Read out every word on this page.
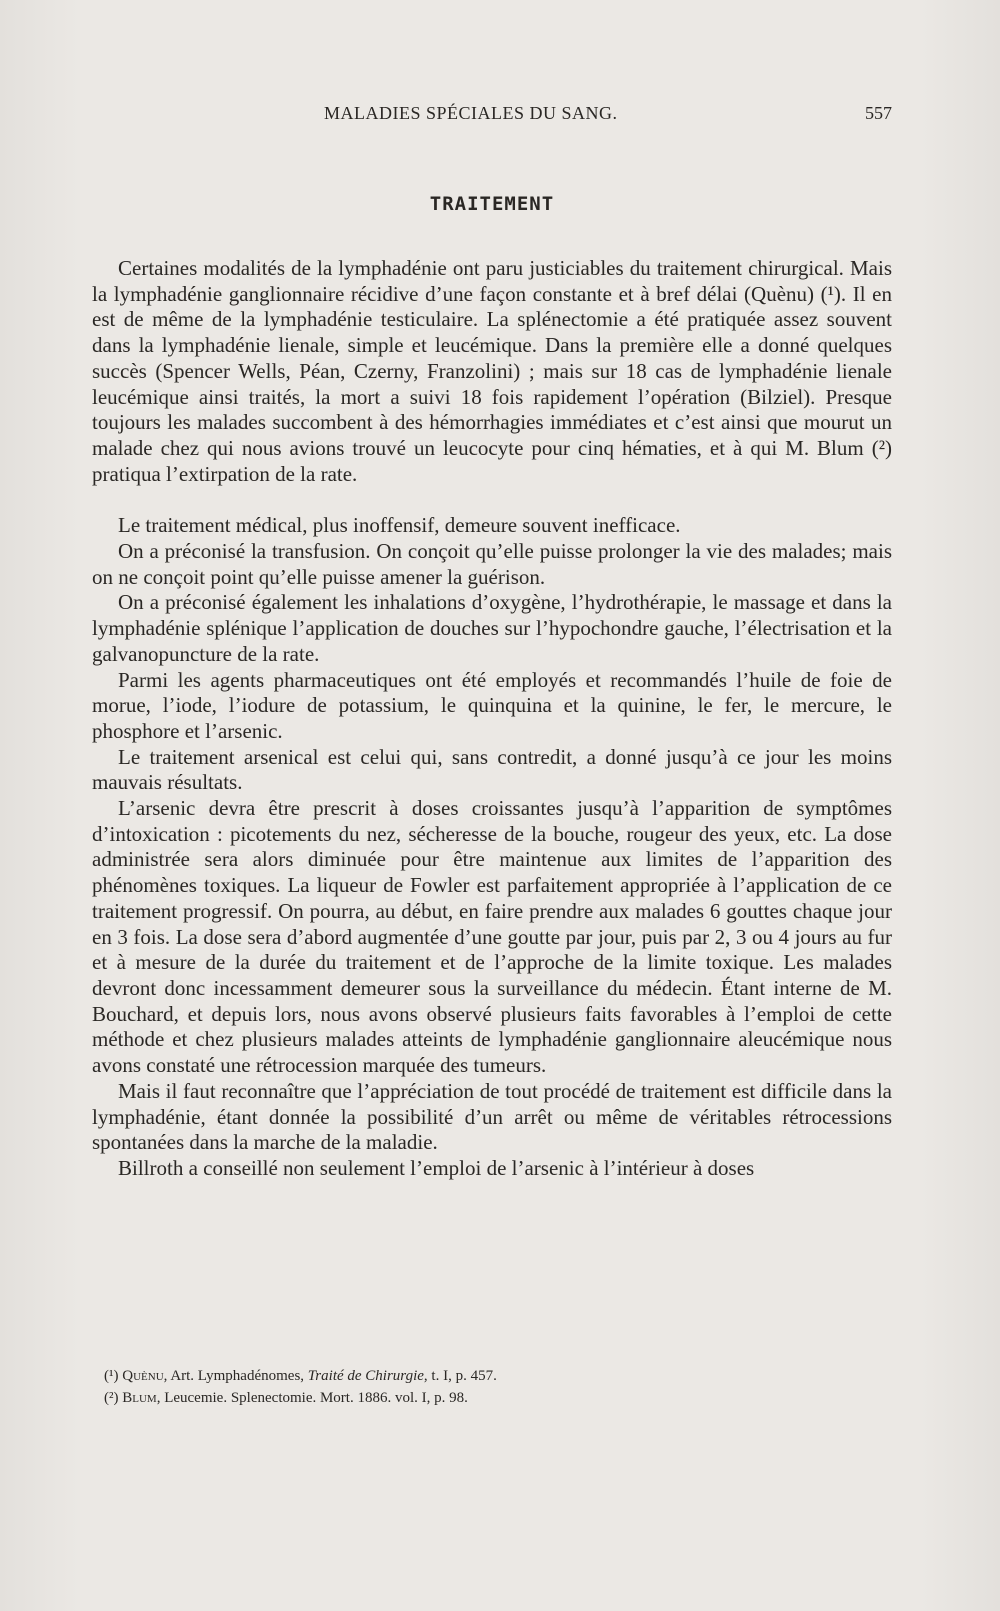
MALADIES SPÉCIALES DU SANG.	557
TRAITEMENT

Certaines modalités de la lymphadénie ont paru justiciables du traitement chirurgical. Mais la lymphadénie ganglionnaire récidive d’une façon constante et à bref délai (Quènu) (¹). Il en est de même de la lymphadénie testiculaire. La splénectomie a été pratiquée assez souvent dans la lymphadénie lienale, simple et leucémique. Dans la première elle a donné quelques succès (Spencer Wells, Péan, Czerny, Franzolini) ; mais sur 18 cas de lymphadénie lienale leucémique ainsi traités, la mort a suivi 18 fois rapidement l’opération (Bilziel). Presque toujours les malades succombent à des hémorrhagies immédiates et c’est ainsi que mourut un malade chez qui nous avions trouvé un leucocyte pour cinq hématies, et à qui M. Blum (²) pratiqua l’extirpation de la rate.

Le traitement médical, plus inoffensif, demeure souvent inefficace.

On a préconisé la transfusion. On conçoit qu’elle puisse prolonger la vie des malades; mais on ne conçoit point qu’elle puisse amener la guérison.

On a préconisé également les inhalations d’oxygène, l’hydrothérapie, le massage et dans la lymphadénie splénique l’application de douches sur l’hypochondre gauche, l’électrisation et la galvanopuncture de la rate.

Parmi les agents pharmaceutiques ont été employés et recommandés l’huile de foie de morue, l’iode, l’iodure de potassium, le quinquina et la quinine, le fer, le mercure, le phosphore et l’arsenic.

Le traitement arsenical est celui qui, sans contredit, a donné jusqu’à ce jour les moins mauvais résultats.

L’arsenic devra être prescrit à doses croissantes jusqu’à l’apparition de symptômes d’intoxication : picotements du nez, sécheresse de la bouche, rougeur des yeux, etc. La dose administrée sera alors diminuée pour être maintenue aux limites de l’apparition des phénomènes toxiques. La liqueur de Fowler est parfaitement appropriée à l’application de ce traitement progressif. On pourra, au début, en faire prendre aux malades 6 gouttes chaque jour en 3 fois. La dose sera d’abord augmentée d’une goutte par jour, puis par 2, 3 ou 4 jours au fur et à mesure de la durée du traitement et de l’approche de la limite toxique. Les malades devront donc incessamment demeurer sous la surveillance du médecin. Étant interne de M. Bouchard, et depuis lors, nous avons observé plusieurs faits favorables à l’emploi de cette méthode et chez plusieurs malades atteints de lymphadénie ganglionnaire aleucémique nous avons constaté une rétrocession marquée des tumeurs.

Mais il faut reconnaître que l’appréciation de tout procédé de traitement est difficile dans la lymphadénie, étant donnée la possibilité d’un arrêt ou même de véritables rétrocessions spontanées dans la marche de la maladie.

Billroth a conseillé non seulement l’emploi de l’arsenic à l’intérieur à doses

(¹) Quènu, Art. Lymphadénomes, Traité de Chirurgie, t. I, p. 457.
(²) Blum, Leucemie. Splenectomie. Mort. 1886. vol. I, p. 98.
